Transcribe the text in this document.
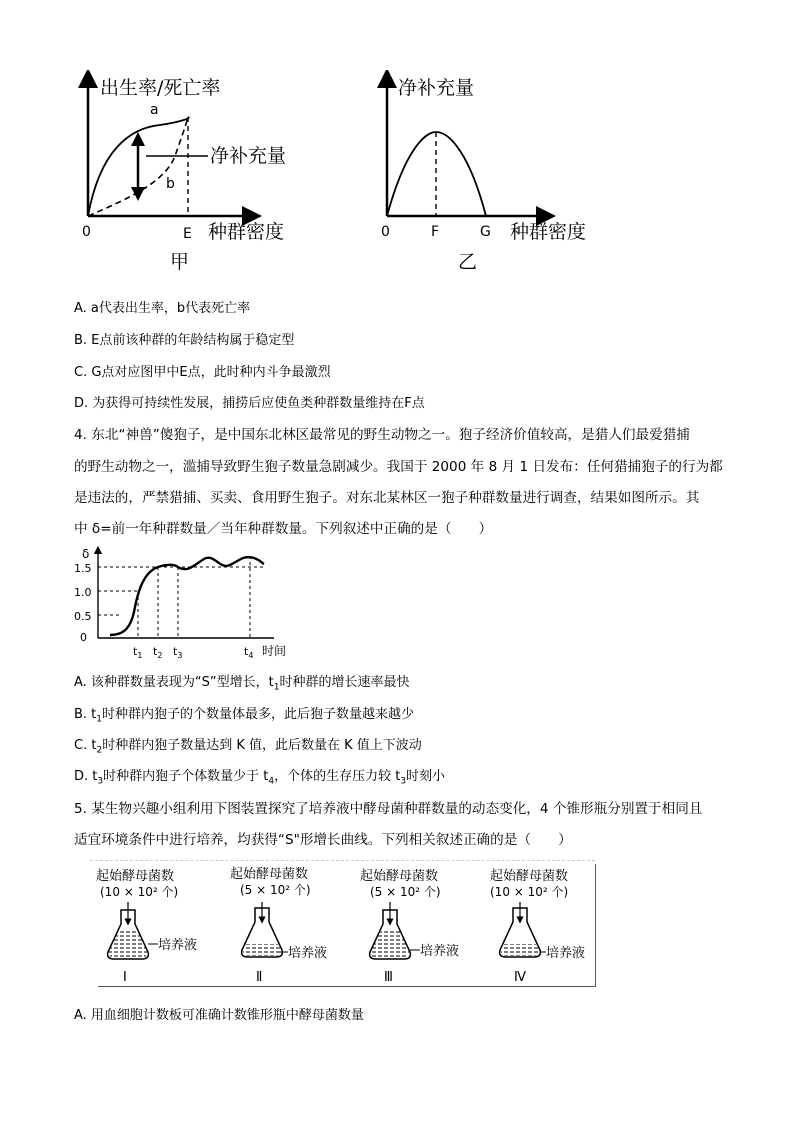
出生率/死亡率
a
b
净补充量
0	E 种群密度
甲
净补充量
0	F	G 种群密度
乙
A. a代表出生率，b代表死亡率
B. E点前该种群的年龄结构属于稳定型
C. G点对应图甲中E点，此时种内斗争最激烈
D. 为获得可持续性发展，捕捞后应使鱼类种群数量维持在F点
4. 东北“神兽”傻狍子，是中国东北林区最常见的野生动物之一。狍子经济价值较高，是猎人们最爱猎捕
的野生动物之一，滥捕导致野生狍子数量急剧减少。我国于 2000 年 8 月 1 日发布：任何猎捕狍子的行为都
是违法的，严禁猎捕、买卖、食用野生狍子。对东北某林区一狍子种群数量进行调查，结果如图所示。其
中 δ=前一年种群数量／当年种群数量。下列叙述中正确的是（　　）
δ
1.5
1.0
0.5
0
$t_1$ $t_2$ $t_3$	$t_4$ 时间
A. 该种群数量表现为“S”型增长，$t_1$时种群的增长速率最快
B. $t_1$时种群内狍子的个数量体最多，此后狍子数量越来越少
C. $t_2$时种群内狍子数量达到 K 值，此后数量在 K 值上下波动
D. $t_3$时种群内狍子个体数量少于 $t_4$，个体的生存压力较 $t_3$时刻小
5. 某生物兴趣小组利用下图装置探究了培养液中酵母菌种群数量的动态变化，4 个锥形瓶分别置于相同且
适宜环境条件中进行培养，均获得“S"形增长曲线。下列相关叙述正确的是（　　）
起始酵母菌数
(10 × 10² 个)
培养液
Ⅰ
起始酵母菌数
(5 × 10² 个)
培养液
Ⅱ
起始酵母菌数
(5 × 10² 个)
培养液
Ⅲ
起始酵母菌数
(10 × 10² 个)
培养液
Ⅳ
A. 用血细胞计数板可准确计数锥形瓶中酵母菌数量
